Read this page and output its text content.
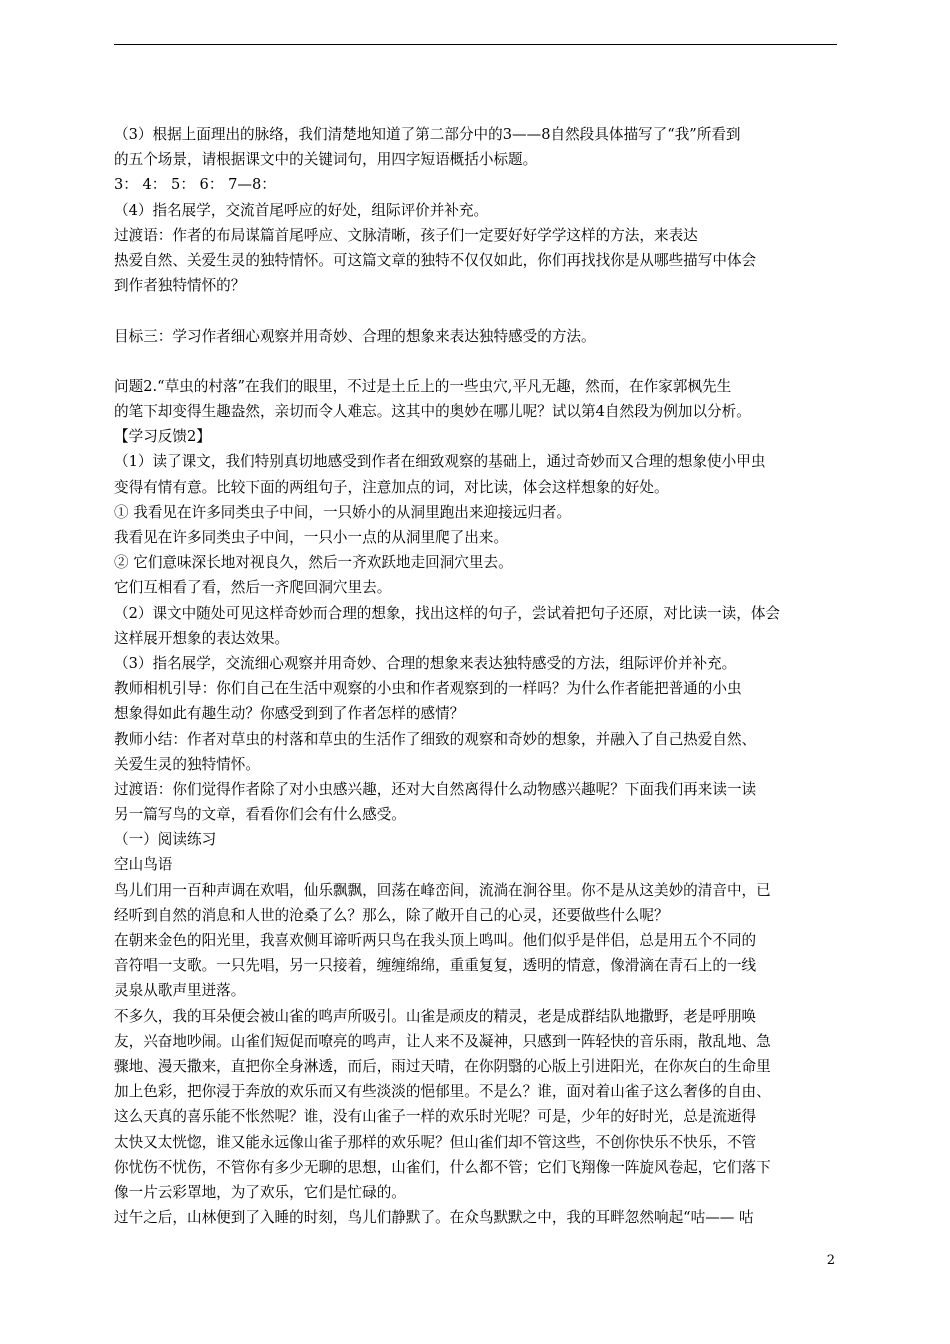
（3）根据上面理出的脉络，我们清楚地知道了第二部分中的3——8自然段具体描写了“我”所看到
的五个场景，请根据课文中的关键词句，用四字短语概括小标题。
3： 4： 5： 6： 7—8：
（4）指名展学，交流首尾呼应的好处，组际评价并补充。
过渡语：作者的布局谋篇首尾呼应、文脉清晰，孩子们一定要好好学学这样的方法，来表达
热爱自然、关爱生灵的独特情怀。可这篇文章的独特不仅仅如此，你们再找找你是从哪些描写中体会
到作者独特情怀的？
目标三：学习作者细心观察并用奇妙、合理的想象来表达独特感受的方法。
问题2.“草虫的村落”在我们的眼里，不过是土丘上的一些虫穴,平凡无趣，然而，在作家郭枫先生
的笔下却变得生趣盎然，亲切而令人难忘。这其中的奥妙在哪儿呢？试以第4自然段为例加以分析。
【学习反馈2】
（1）读了课文，我们特别真切地感受到作者在细致观察的基础上，通过奇妙而又合理的想象使小甲虫
变得有情有意。比较下面的两组句子，注意加点的词，对比读，体会这样想象的好处。
① 我看见在许多同类虫子中间，一只娇小的从洞里跑出来迎接远归者。
我看见在许多同类虫子中间，一只小一点的从洞里爬了出来。
② 它们意味深长地对视良久，然后一齐欢跃地走回洞穴里去。
它们互相看了看，然后一齐爬回洞穴里去。
（2）课文中随处可见这样奇妙而合理的想象，找出这样的句子，尝试着把句子还原，对比读一读，体会
这样展开想象的表达效果。
（3）指名展学，交流细心观察并用奇妙、合理的想象来表达独特感受的方法，组际评价并补充。
教师相机引导：你们自己在生活中观察的小虫和作者观察到的一样吗？为什么作者能把普通的小虫
想象得如此有趣生动？你感受到到了作者怎样的感情？
教师小结：作者对草虫的村落和草虫的生活作了细致的观察和奇妙的想象，并融入了自己热爱自然、
关爱生灵的独特情怀。
过渡语：你们觉得作者除了对小虫感兴趣，还对大自然离得什么动物感兴趣呢？下面我们再来读一读
另一篇写鸟的文章，看看你们会有什么感受。
（一）阅读练习
空山鸟语
鸟儿们用一百种声调在欢唱，仙乐飘飘，回荡在峰峦间，流淌在涧谷里。你不是从这美妙的清音中，已
经听到自然的消息和人世的沧桑了么？那么，除了敞开自己的心灵，还要做些什么呢？
在朝来金色的阳光里，我喜欢侧耳谛听两只鸟在我头顶上鸣叫。他们似乎是伴侣，总是用五个不同的
音符唱一支歌。一只先唱，另一只接着，缠缠绵绵，重重复复，透明的情意，像滑滴在青石上的一线
灵泉从歌声里迸落。
不多久，我的耳朵便会被山雀的鸣声所吸引。山雀是顽皮的精灵，老是成群结队地撒野，老是呼朋唤
友，兴奋地吵闹。山雀们短促而嘹亮的鸣声，让人来不及凝神，只感到一阵轻快的音乐雨，散乱地、急
骤地、漫天撒来，直把你全身淋透，而后，雨过天晴，在你阴翳的心版上引进阳光，在你灰白的生命里
加上色彩，把你浸于奔放的欢乐而又有些淡淡的悒郁里。不是么？谁，面对着山雀子这么奢侈的自由、
这么天真的喜乐能不怅然呢？谁，没有山雀子一样的欢乐时光呢？可是，少年的好时光，总是流逝得
太快又太恍惚，谁又能永远像山雀子那样的欢乐呢？但山雀们却不管这些，不创你快乐不快乐，不管
你忧伤不忧伤，不管你有多少无聊的思想，山雀们，什么都不管；它们飞翔像一阵旋风卷起，它们落下
像一片云彩罩地，为了欢乐，它们是忙碌的。
过午之后，山林便到了入睡的时刻，鸟儿们静默了。在众鸟默默之中，我的耳畔忽然响起“咕—— 咕
2
